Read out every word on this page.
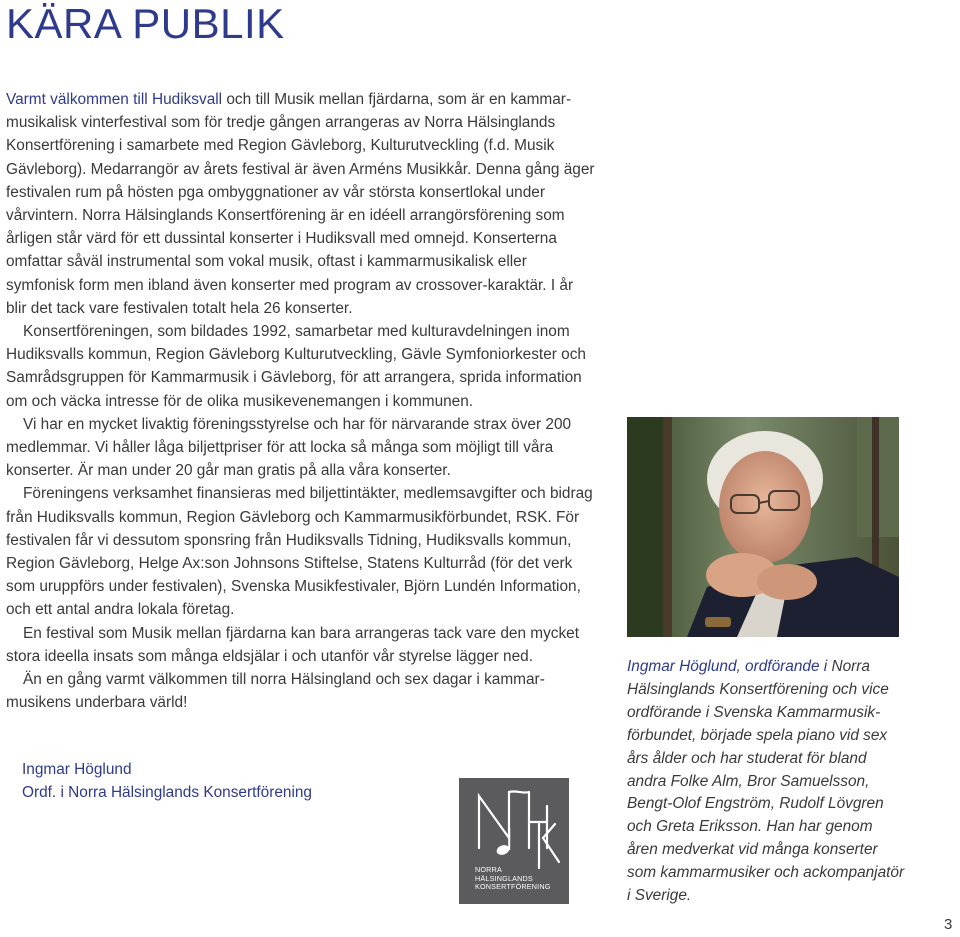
KÄRA PUBLIK

Varmt välkommen till Hudiksvall och till Musik mellan fjärdarna, som är en kammarmusikalisk vinterfestival som för tredje gången arrangeras av Norra Hälsinglands Konsertförening i samarbete med Region Gävleborg, Kulturutveckling (f.d. Musik Gävleborg). Medarrangör av årets festival är även Arméns Musikkår. Denna gång äger festivalen rum på hösten pga ombyggnationer av vår största konsertlokal under vårvintern. Norra Hälsinglands Konsertförening är en idéell arrangörsförening som årligen står värd för ett dussintal konserter i Hudiksvall med omnejd. Konserterna omfattar såväl instrumental som vokal musik, oftast i kammarmusikalisk eller symfonisk form men ibland även konserter med program av crossover-karaktär. I år blir det tack vare festivalen totalt hela 26 konserter.

Konsertföreningen, som bildades 1992, samarbetar med kulturavdelningen inom Hudiksvalls kommun, Region Gävleborg Kulturutveckling, Gävle Symfoniorkester och Samrådsgruppen för Kammarmusik i Gävleborg, för att arrangera, sprida information om och väcka intresse för de olika musikevenemangen i kommunen.

Vi har en mycket livaktig föreningsstyrelse och har för närvarande strax över 200 medlemmar. Vi håller låga biljettpriser för att locka så många som möjligt till våra konserter. Är man under 20 går man gratis på alla våra konserter.

Föreningens verksamhet finansieras med biljettintäkter, medlemsavgifter och bidrag från Hudiksvalls kommun, Region Gävleborg och Kammarmusikförbundet, RSK. För festivalen får vi dessutom sponsring från Hudiksvalls Tidning, Hudiksvalls kommun, Region Gävleborg, Helge Ax:son Johnsons Stiftelse, Statens Kulturråd (för det verk som uruppförs under festivalen), Svenska Musikfestivaler, Björn Lundén Information, och ett antal andra lokala företag.

En festival som Musik mellan fjärdarna kan bara arrangeras tack vare den mycket stora ideella insats som många eldsjälar i och utanför vår styrelse lägger ned.

Än en gång varmt välkommen till norra Hälsingland och sex dagar i kammarmusikens underbara värld!

Ingmar Höglund
Ordf. i Norra Hälsinglands Konsertförening
NORRA
HÄLSINGLANDS
KONSERTFÖRENING
Ingmar Höglund, ordförande i Norra Hälsinglands Konsertförening och vice ordförande i Svenska Kammarmusikförbundet, började spela piano vid sex års ålder och har studerat för bland andra Folke Alm, Bror Samuelsson, Bengt-Olof Engström, Rudolf Lövgren och Greta Eriksson. Han har genom åren medverkat vid många konserter som kammarmusiker och ackompanjatör i Sverige.
3
